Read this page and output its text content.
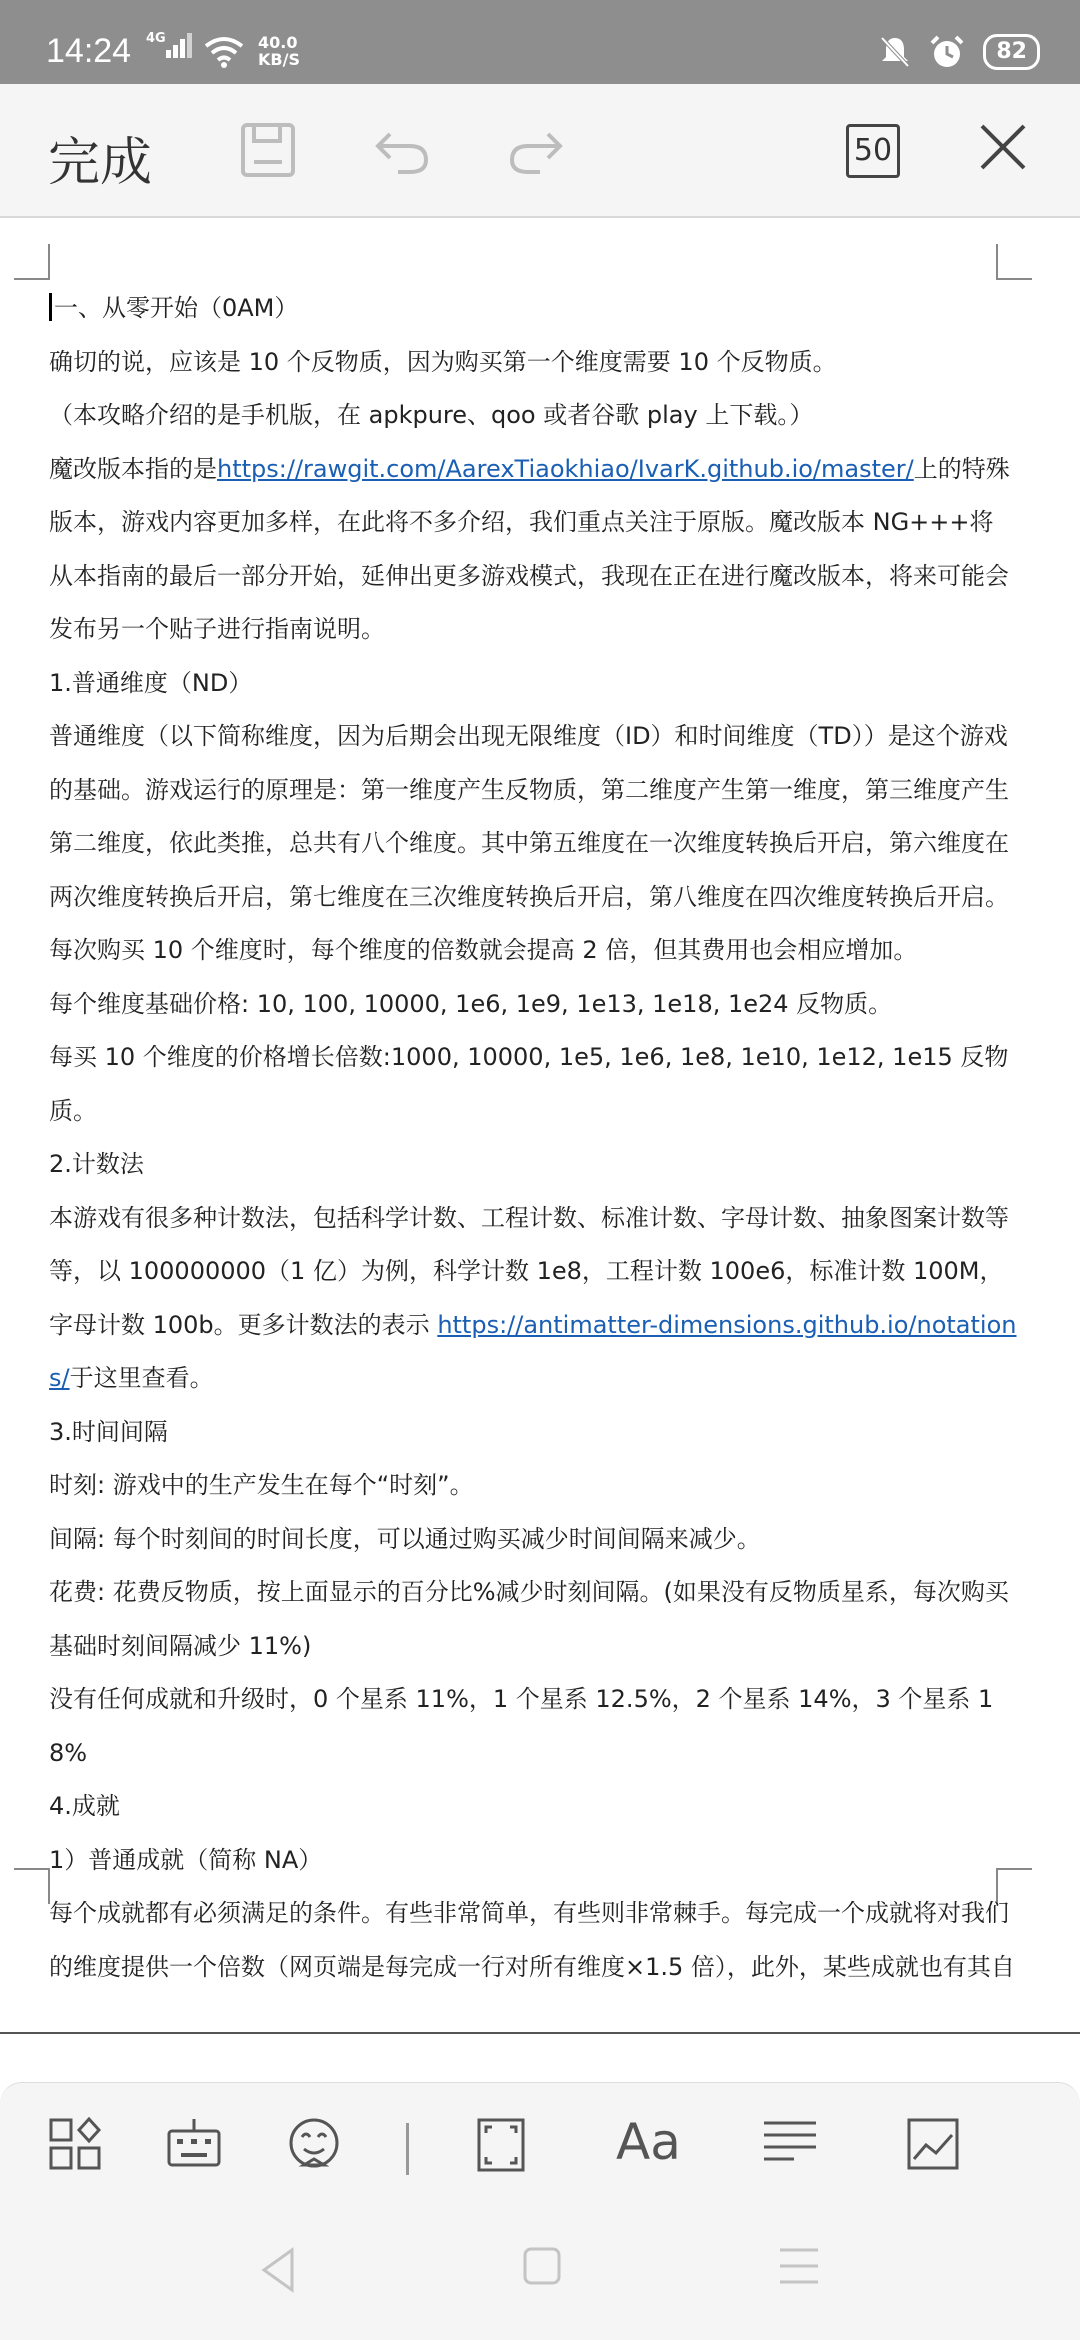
14:24 4G	40.0
KB/S	82
完成	50

一、从零开始（0AM）

确切的说，应该是 10 个反物质，因为购买第一个维度需要 10 个反物质。

（本攻略介绍的是手机版，在 apkpure、qoo 或者谷歌 play 上下载。）

魔改版本指的是https://rawgit.com/AarexTiaokhiao/IvarK.github.io/master/上的特殊版本，游戏内容更加多样，在此将不多介绍，我们重点关注于原版。魔改版本 NG+++将从本指南的最后一部分开始，延伸出更多游戏模式，我现在正在进行魔改版本，将来可能会发布另一个贴子进行指南说明。

1.普通维度（ND）

普通维度（以下简称维度，因为后期会出现无限维度（ID）和时间维度（TD））是这个游戏的基础。游戏运行的原理是：第一维度产生反物质，第二维度产生第一维度，第三维度产生第二维度，依此类推，总共有八个维度。其中第五维度在一次维度转换后开启，第六维度在两次维度转换后开启，第七维度在三次维度转换后开启，第八维度在四次维度转换后开启。

每次购买 10 个维度时，每个维度的倍数就会提高 2 倍，但其费用也会相应增加。

每个维度基础价格: 10, 100, 10000, 1e6, 1e9, 1e13, 1e18, 1e24 反物质。

每买 10 个维度的价格增长倍数:1000, 10000, 1e5, 1e6, 1e8, 1e10, 1e12, 1e15 反物质。

2.计数法

本游戏有很多种计数法，包括科学计数、工程计数、标准计数、字母计数、抽象图案计数等等，以 100000000（1 亿）为例，科学计数 1e8，工程计数 100e6，标准计数 100M，字母计数 100b。更多计数法的表示 https://antimatter-dimensions.github.io/notations/于这里查看。

3.时间间隔

时刻: 游戏中的生产发生在每个“时刻”。

间隔: 每个时刻间的时间长度，可以通过购买减少时间间隔来减少。

花费: 花费反物质，按上面显示的百分比%减少时刻间隔。(如果没有反物质星系，每次购买基础时刻间隔减少 11%)

没有任何成就和升级时，0 个星系 11%，1 个星系 12.5%，2 个星系 14%，3 个星系 18%

4.成就

1）普通成就（简称 NA）

每个成就都有必须满足的条件。有些非常简单，有些则非常棘手。每完成一个成就将对我们的维度提供一个倍数（网页端是每完成一行对所有维度×1.5 倍），此外，某些成就也有其自

Aa
